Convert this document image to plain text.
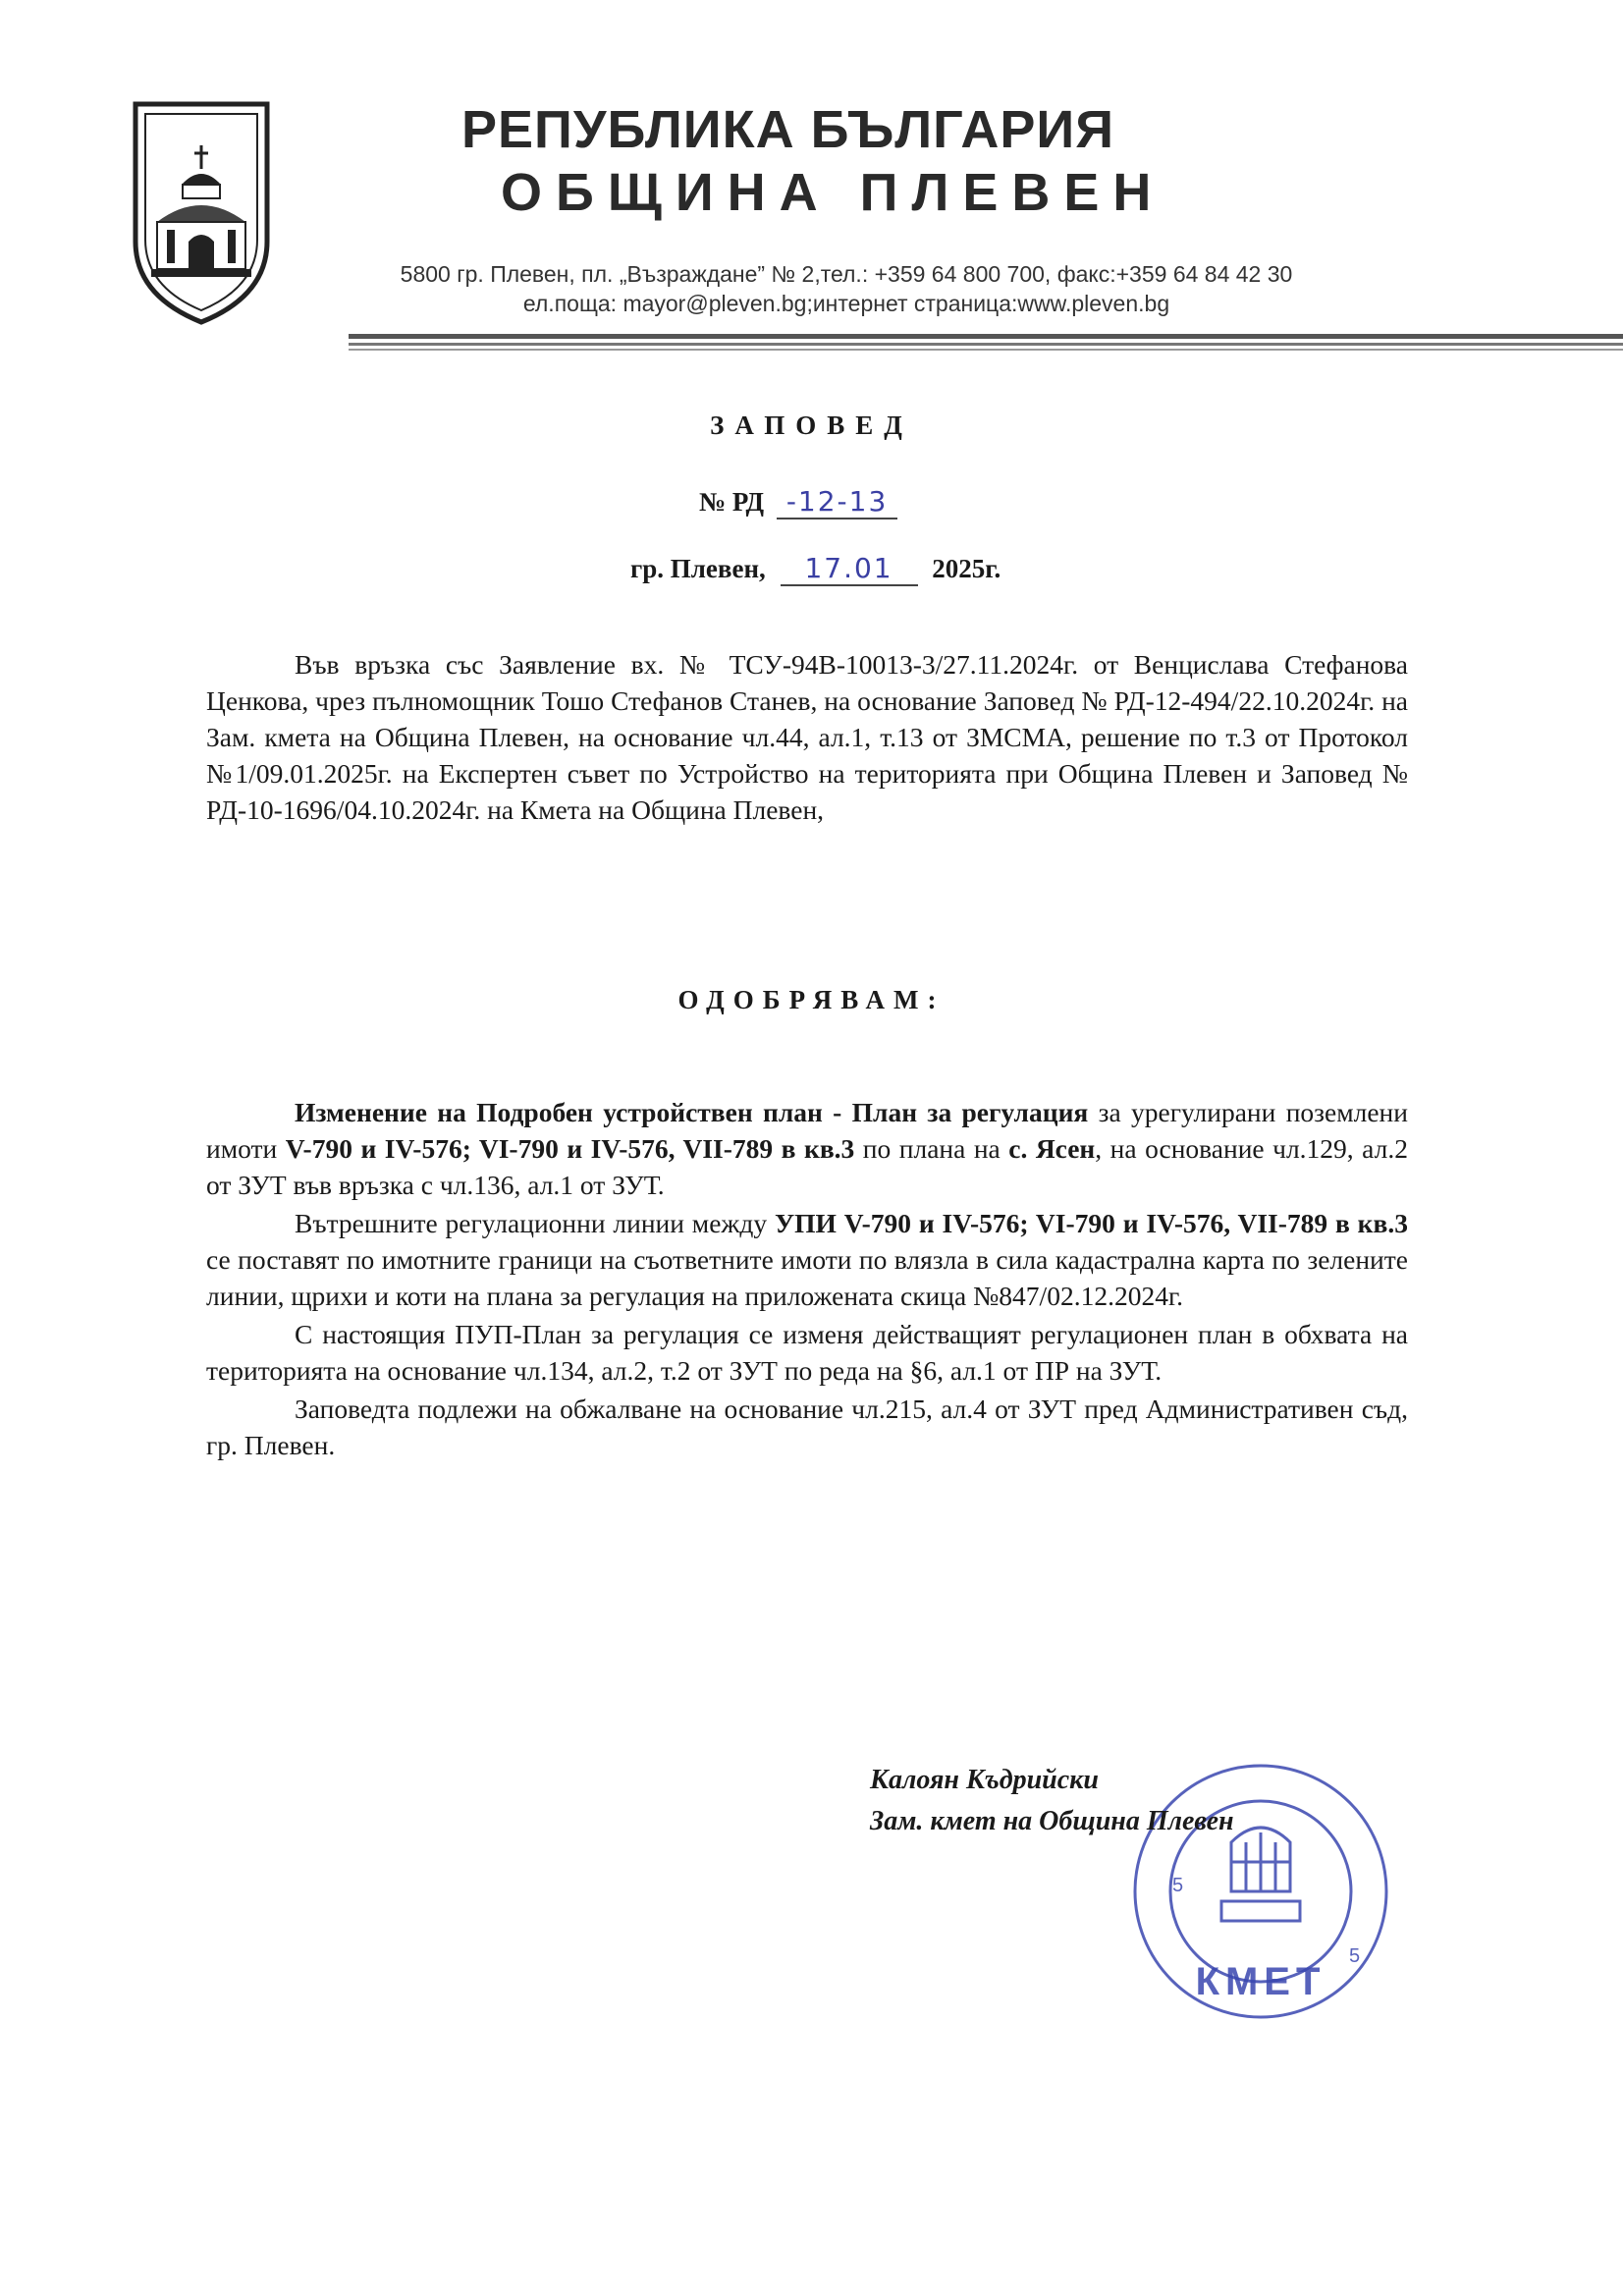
РЕПУБЛИКА БЪЛГАРИЯ
ОБЩИНА ПЛЕВЕН
5800 гр. Плевен, пл. „Възраждане” № 2,тел.: +359 64 800 700, факс:+359 64 84 42 30
ел.поща: mayor@pleven.bg;интернет страница:www.pleven.bg
ЗАПОВЕД
№ РД -12-13
гр. Плевен, 17.01 2025г.
Във връзка със Заявление вх. № ТСУ-94В-10013-3/27.11.2024г. от Венцислава Стефанова Ценкова, чрез пълномощник Тошо Стефанов Станев, на основание Заповед № РД-12-494/22.10.2024г. на Зам. кмета на Община Плевен, на основание чл.44, ал.1, т.13 от ЗМСМА, решение по т.3 от Протокол №1/09.01.2025г. на Експертен съвет по Устройство на територията при Община Плевен и Заповед № РД-10-1696/04.10.2024г. на Кмета на Община Плевен,
ОДОБРЯВАМ:

Изменение на Подробен устройствен план - План за регулация за урегулирани поземлени имоти V-790 и IV-576; VI-790 и IV-576, VII-789 в кв.3 по плана на с. Ясен, на основание чл.129, ал.2 от ЗУТ във връзка с чл.136, ал.1 от ЗУТ.

Вътрешните регулационни линии между УПИ V-790 и IV-576; VI-790 и IV-576, VII-789 в кв.3 се поставят по имотните граници на съответните имоти по влязла в сила кадастрална карта по зелените линии, щрихи и коти на плана за регулация на приложената скица №847/02.12.2024г.

С настоящия ПУП-План за регулация се изменя действащият регулационен план в обхвата на територията на основание чл.134, ал.2, т.2 от ЗУТ по реда на §6, ал.1 от ПР на ЗУТ.

Заповедта подлежи на обжалване на основание чл.215, ал.4 от ЗУТ пред Административен съд, гр. Плевен.

КМЕТ
5
5
Калоян Къдрийски
Зам. кмет на Община Плевен
